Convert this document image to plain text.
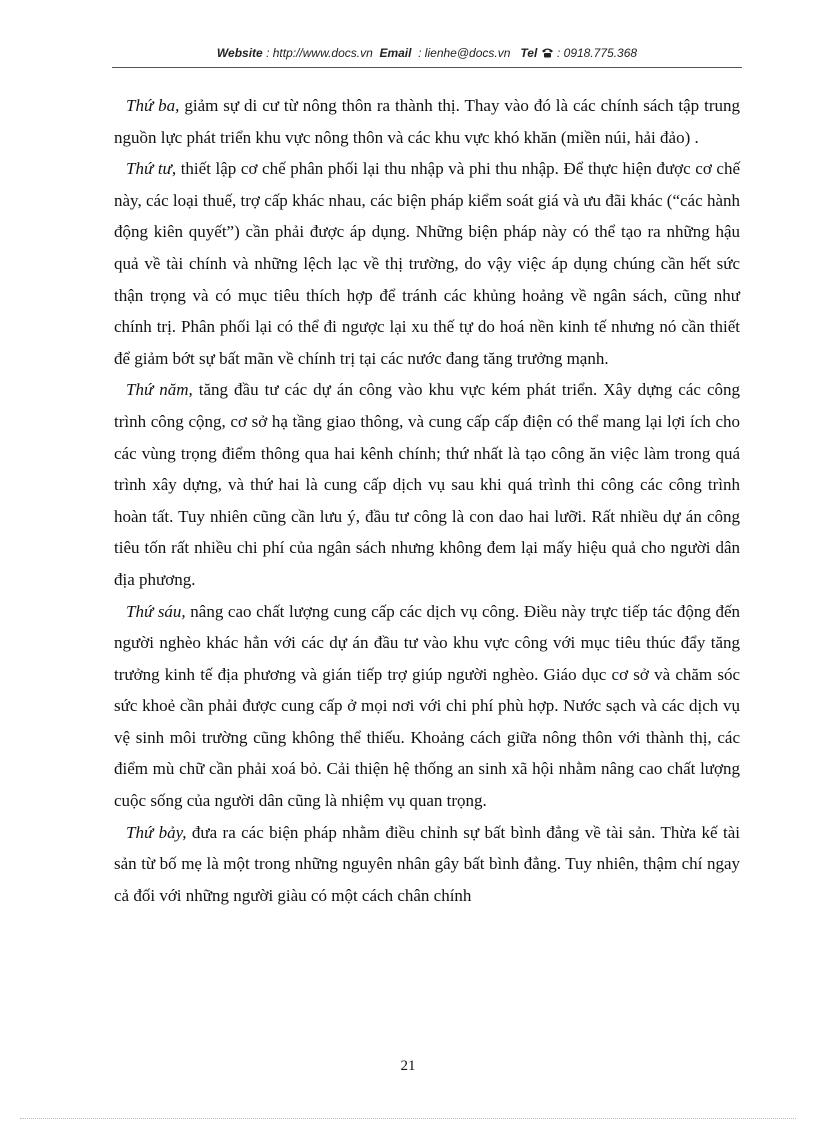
Website : http://www.docs.vn Email : lienhe@docs.vn Tel : 0918.775.368

Thứ ba, giảm sự di cư từ nông thôn ra thành thị. Thay vào đó là các chính sách tập trung nguồn lực phát triển khu vực nông thôn và các khu vực khó khăn (miền núi, hải đảo) .

Thứ tư, thiết lập cơ chế phân phối lại thu nhập và phi thu nhập. Để thực hiện được cơ chế này, các loại thuế, trợ cấp khác nhau, các biện pháp kiểm soát giá và ưu đãi khác (“các hành động kiên quyết”) cần phải được áp dụng. Những biện pháp này có thể tạo ra những hậu quả về tài chính và những lệch lạc về thị trường, do vậy việc áp dụng chúng cần hết sức thận trọng và có mục tiêu thích hợp để tránh các khủng hoảng về ngân sách, cũng như chính trị. Phân phối lại có thể đi ngược lại xu thế tự do hoá nền kinh tế nhưng nó cần thiết để giảm bớt sự bất mãn về chính trị tại các nước đang tăng trưởng mạnh.

Thứ năm, tăng đầu tư các dự án công vào khu vực kém phát triển. Xây dựng các công trình công cộng, cơ sở hạ tầng giao thông, và cung cấp cấp điện có thể mang lại lợi ích cho các vùng trọng điểm thông qua hai kênh chính; thứ nhất là tạo công ăn việc làm trong quá trình xây dựng, và thứ hai là cung cấp dịch vụ sau khi quá trình thi công các công trình hoàn tất. Tuy nhiên cũng cần lưu ý, đầu tư công là con dao hai lưỡi. Rất nhiều dự án công tiêu tốn rất nhiều chi phí của ngân sách nhưng không đem lại mấy hiệu quả cho người dân địa phương.

Thứ sáu, nâng cao chất lượng cung cấp các dịch vụ công. Điều này trực tiếp tác động đến người nghèo khác hẳn với các dự án đầu tư vào khu vực công với mục tiêu thúc đẩy tăng trưởng kinh tế địa phương và gián tiếp trợ giúp người nghèo. Giáo dục cơ sở và chăm sóc sức khoẻ cần phải được cung cấp ở mọi nơi với chi phí phù hợp. Nước sạch và các dịch vụ vệ sinh môi trường cũng không thể thiếu. Khoảng cách giữa nông thôn với thành thị, các điểm mù chữ cần phải xoá bỏ. Cải thiện hệ thống an sinh xã hội nhằm nâng cao chất lượng cuộc sống của người dân cũng là nhiệm vụ quan trọng.

Thứ bảy, đưa ra các biện pháp nhằm điều chỉnh sự bất bình đẳng về tài sản. Thừa kế tài sản từ bố mẹ là một trong những nguyên nhân gây bất bình đẳng. Tuy nhiên, thậm chí ngay cả đối với những người giàu có một cách chân chính

21
